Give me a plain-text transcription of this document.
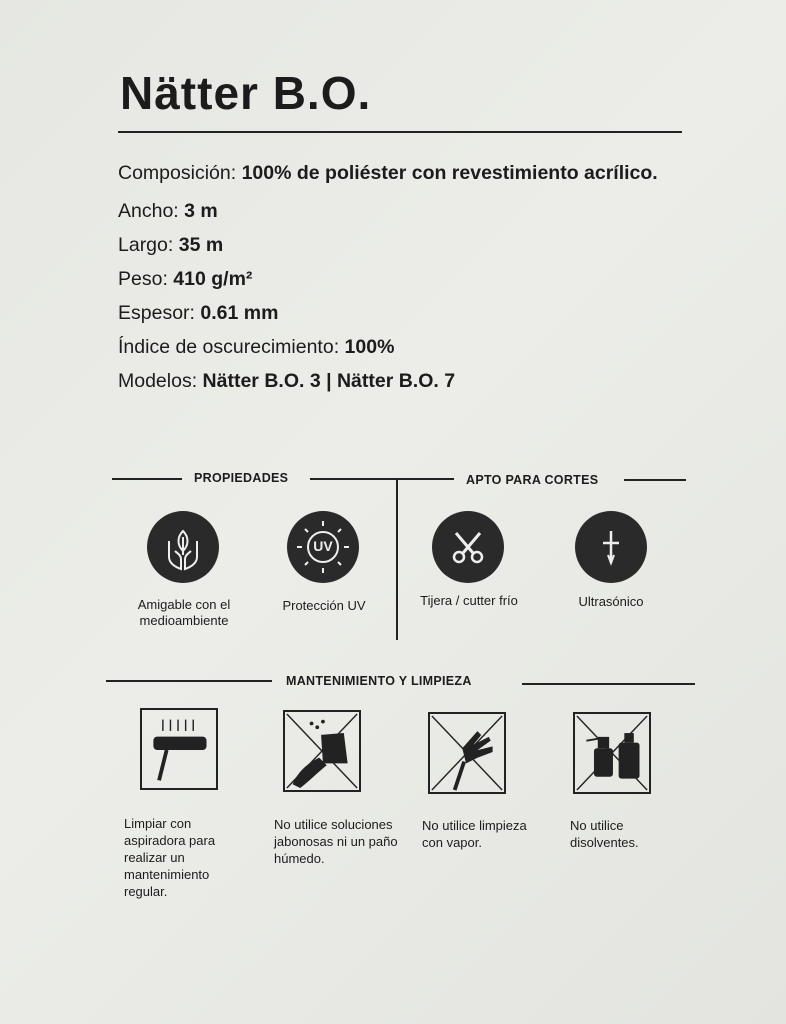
Nätter B.O.
Composición: 100% de poliéster con revestimiento acrílico.
Ancho: 3 m
Largo: 35 m
Peso: 410 g/m²
Espesor: 0.61 mm
Índice de oscurecimiento: 100%
Modelos: Nätter B.O. 3 | Nätter B.O. 7
PROPIEDADES	APTO PARA CORTES
Amigable con el medioambiente
UV
Protección UV	Tijera / cutter frío	Ultrasónico
MANTENIMIENTO Y LIMPIEZA
Limpiar con aspiradora para realizar un mantenimiento regular.
No utilice soluciones jabonosas ni un paño húmedo.
No utilice limpieza con vapor.
No utilice disolventes.
